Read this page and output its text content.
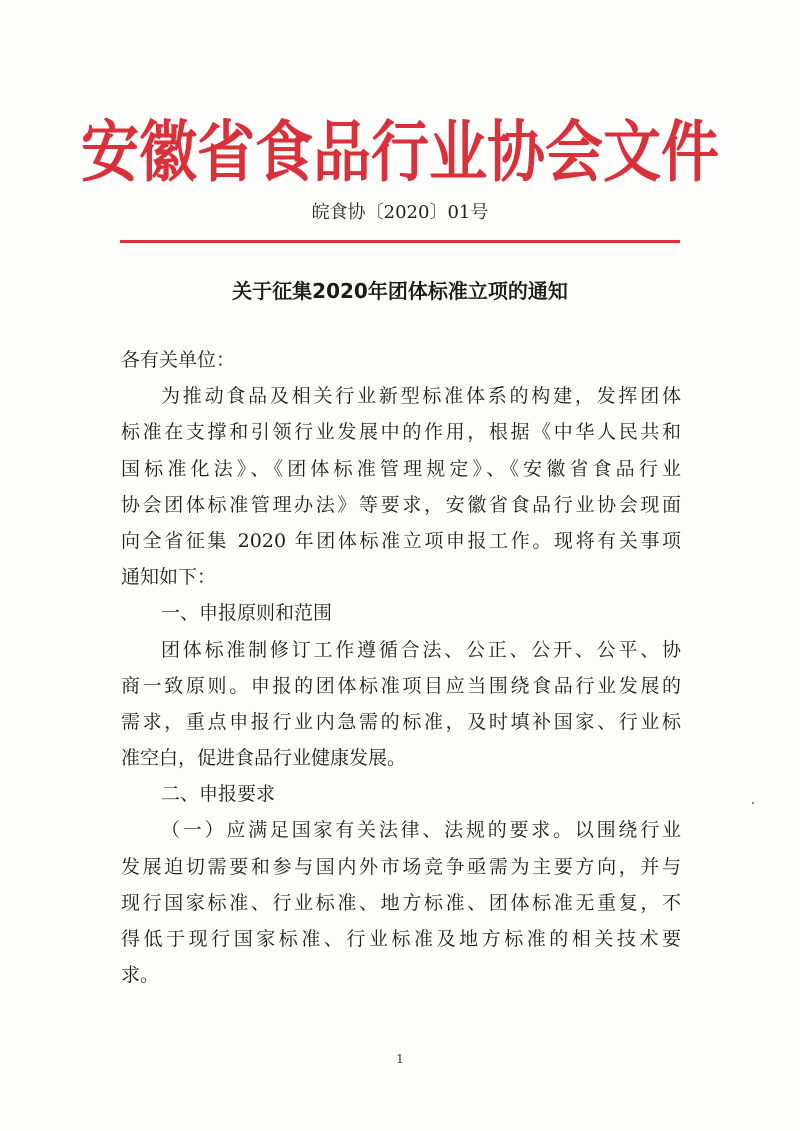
安徽省食品行业协会文件
皖食协〔2020〕01号
关于征集2020年团体标准立项的通知
各有关单位：
为推动食品及相关行业新型标准体系的构建，发挥团体
标准在支撑和引领行业发展中的作用，根据《中华人民共和
国标准化法》、《团体标准管理规定》、《安徽省食品行业
协会团体标准管理办法》等要求，安徽省食品行业协会现面
向全省征集 2020 年团体标准立项申报工作。现将有关事项
通知如下：
一、申报原则和范围
团体标准制修订工作遵循合法、公正、公开、公平、协
商一致原则。申报的团体标准项目应当围绕食品行业发展的
需求，重点申报行业内急需的标准，及时填补国家、行业标
准空白，促进食品行业健康发展。
二、申报要求
（一）应满足国家有关法律、法规的要求。以围绕行业
发展迫切需要和参与国内外市场竞争亟需为主要方向，并与
现行国家标准、行业标准、地方标准、团体标准无重复，不
得低于现行国家标准、行业标准及地方标准的相关技术要
求。
1
